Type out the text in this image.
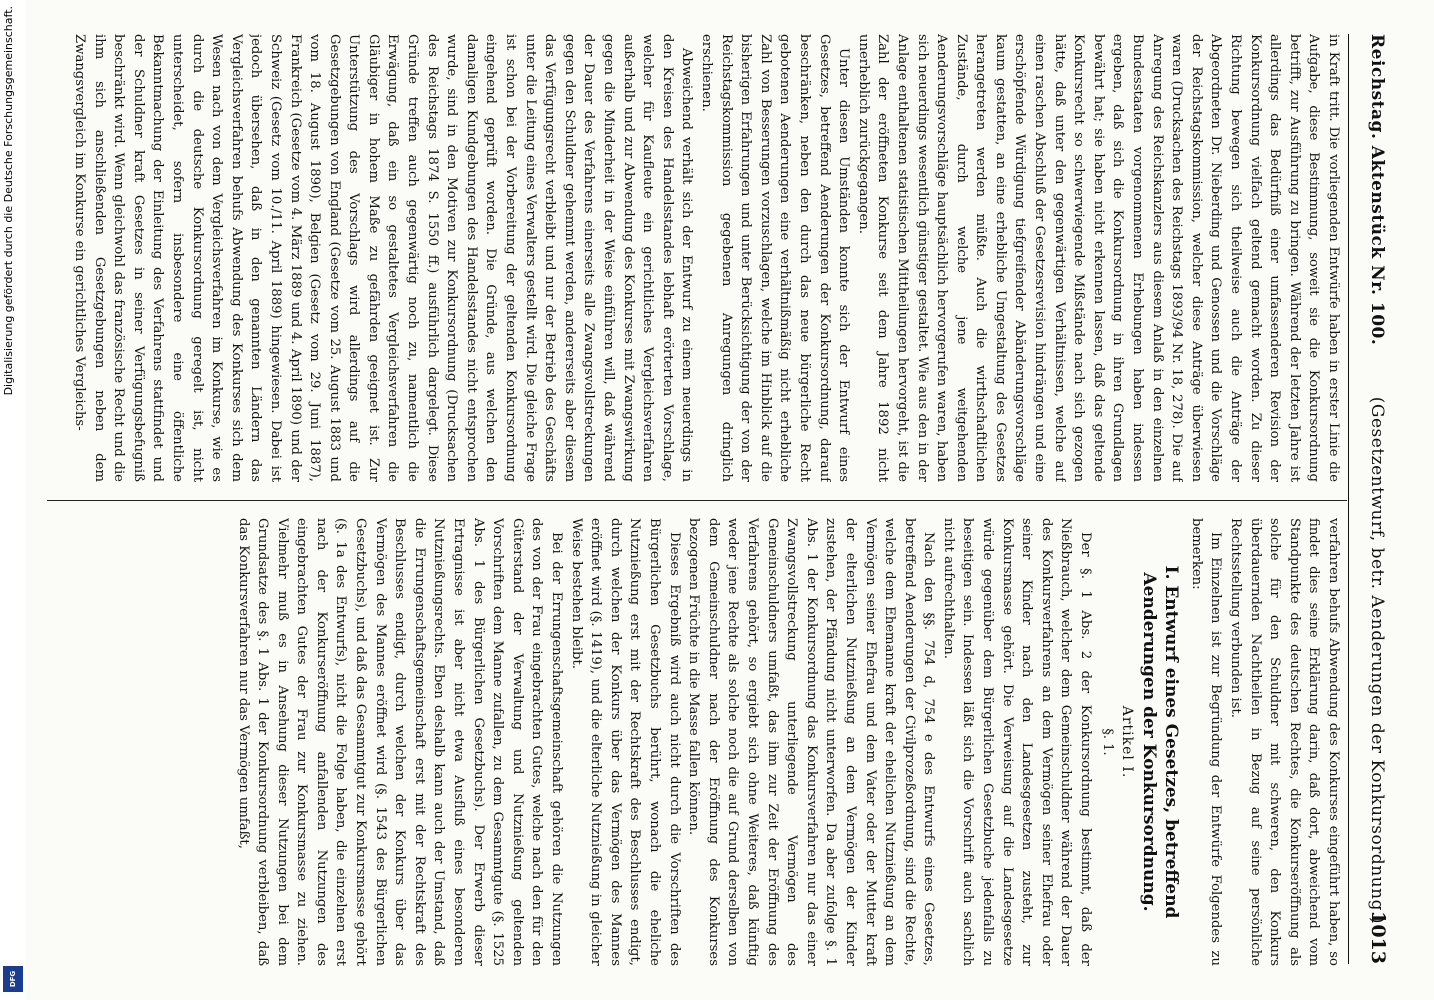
Digitalisierung gefördert durch die Deutsche Forschungsgemeinschaft.
DFG
Reichstag. Aktenstück Nr. 100.
(Gesetzentwurf, betr. Aenderungen der Konkursordnung.)
1013

in Kraft tritt. Die vorliegenden Entwürfe haben in erster Linie die Aufgabe, diese Bestimmung, soweit sie die Konkursordnung betrifft, zur Ausführung zu bringen. Während der letzten Jahre ist allerdings das Bedürfniß einer umfassenderen Revision der Konkursordnung vielfach geltend gemacht worden. Zu dieser Richtung bewegen sich theilweise auch die Anträge der Abgeordneten Dr. Nieberding und Genossen und die Vorschläge der Reichstagskommission, welcher diese Anträge überwiesen waren (Drucksachen des Reichstags 1893/94 Nr. 18, 278). Die auf Anregung des Reichskanzlers aus diesem Anlaß in den einzelnen Bundesstaaten vorgenommenen Erhebungen haben indessen ergeben, daß sich die Konkursordnung in ihren Grundlagen bewährt hat; sie haben nicht erkennen lassen, daß das geltende Konkursrecht so schwerwiegende Mißstände nach sich gezogen hätte, daß unter den gegenwärtigen Verhältnissen, welche auf einen raschen Abschluß der Gesetzesrevision hindrängen und eine erschöpfende Würdigung tiefgreifender Abänderungsvorschläge kaum gestatten, an eine erhebliche Umgestaltung des Gesetzes herangetreten werden müßte. Auch die wirthschaftlichen Zustände, durch welche jene weitgehenden Aenderungsvorschläge hauptsächlich hervorgerufen waren, haben sich neuerdings wesentlich günstiger gestaltet. Wie aus den in der Anlage enthaltenen statistischen Mittheilungen hervorgeht, ist die Zahl der eröffneten Konkurse seit dem Jahre 1892 nicht unerheblich zurückgegangen.

Unter diesen Umständen konnte sich der Entwurf eines Gesetzes, betreffend Aenderungen der Konkursordnung, darauf beschränken, neben den durch das neue bürgerliche Recht gebotenen Aenderungen eine verhältnißmäßig nicht erhebliche Zahl von Besserungen vorzuschlagen, welche im Hinblick auf die bisherigen Erfahrungen und unter Berücksichtigung der von der Reichstagskommission gegebenen Anregungen dringlich erschienen.

Abweichend verhält sich der Entwurf zu einem neuerdings in den Kreisen des Handelsstandes lebhaft erörterten Vorschlage, welcher für Kaufleute ein gerichtliches Vergleichsverfahren außerhalb und zur Abwendung des Konkurses mit Zwangswirkung gegen die Minderheit in der Weise einführen will, daß während der Dauer des Verfahrens einerseits alle Zwangsvollstreckungen gegen den Schuldner gehemmt werden, andererseits aber diesem das Verfügungsrecht verbleibt und nur der Betrieb des Geschäfts unter die Leitung eines Verwalters gestellt wird. Die gleiche Frage ist schon bei der Vorbereitung der geltenden Konkursordnung eingehend geprüft worden. Die Gründe, aus welchen den damaligen Kundgebungen des Handelsstandes nicht entsprochen wurde, sind in den Motiven zur Konkursordnung (Drucksachen des Reichstags 1874 S. 1550 ff.) ausführlich dargelegt. Diese Gründe treffen auch gegenwärtig noch zu, namentlich die Erwägung, daß ein so gestaltetes Vergleichsverfahren die Gläubiger in hohem Maße zu gefährden geeignet ist. Zur Unterstützung des Vorschlags wird allerdings auf die Gesetzgebungen von England (Gesetze vom 25. August 1883 und vom 18. August 1890), Belgien (Gesetz vom 29. Juni 1887), Frankreich (Gesetze vom 4. März 1889 und 4. April 1890) und der Schweiz (Gesetz vom 10./11. April 1889) hingewiesen. Dabei ist jedoch übersehen, daß in den genannten Ländern das Vergleichsverfahren behufs Abwendung des Konkurses sich dem Wesen nach von dem Vergleichsverfahren im Konkurse, wie es durch die deutsche Konkursordnung geregelt ist, nicht unterscheidet, sofern insbesondere eine öffentliche Bekanntmachung der Einleitung des Verfahrens stattfindet und der Schuldner kraft Gesetzes in seiner Verfügungsbefugniß beschränkt wird. Wenn gleichwohl das französische Recht und die ihm sich anschließenden Gesetzgebungen neben dem Zwangsvergleich im Konkurse ein gerichtliches Vergleichs-

verfahren behufs Abwendung des Konkurses eingeführt haben, so findet dies seine Erklärung darin, daß dort, abweichend vom Standpunkte des deutschen Rechtes, die Konkurseröffnung als solche für den Schuldner mit schweren, den Konkurs überdauernden Nachtheilen in Bezug auf seine persönliche Rechtsstellung verbunden ist.

Im Einzelnen ist zur Begründung der Entwürfe Folgendes zu bemerken:

I. Entwurf eines Gesetzes, betreffend Aenderungen der Konkursordnung.
Artikel I.
§. 1.

Der §. 1 Abs. 2 der Konkursordnung bestimmt, daß der Nießbrauch, welcher dem Gemeinschuldner während der Dauer des Konkursverfahrens an dem Vermögen seiner Ehefrau oder seiner Kinder nach den Landesgesetzen zusteht, zur Konkursmasse gehört. Die Verweisung auf die Landesgesetze würde gegenüber dem Bürgerlichen Gesetzbuche jedenfalls zu beseitigen sein. Indessen läßt sich die Vorschrift auch sachlich nicht aufrechthalten.

Nach den §§. 754 d, 754 e des Entwurfs eines Gesetzes, betreffend Aenderungen der Civilprozeßordnung, sind die Rechte, welche dem Ehemanne kraft der ehelichen Nutznießung an dem Vermögen seiner Ehefrau und dem Vater oder der Mutter kraft der elterlichen Nutznießung an dem Vermögen der Kinder zustehen, der Pfändung nicht unterworfen. Da aber zufolge §. 1 Abs. 1 der Konkursordnung das Konkursverfahren nur das einer Zwangsvollstreckung unterliegende Vermögen des Gemeinschuldners umfaßt, das ihm zur Zeit der Eröffnung des Verfahrens gehört, so ergiebt sich ohne Weiteres, daß künftig weder jene Rechte als solche noch die auf Grund derselben von dem Gemeinschuldner nach der Eröffnung des Konkurses bezogenen Früchte in die Masse fallen können.

Dieses Ergebniß wird auch nicht durch die Vorschriften des Bürgerlichen Gesetzbuchs berührt, wonach die eheliche Nutznießung erst mit der Rechtskraft des Beschlusses endigt, durch welchen der Konkurs über das Vermögen des Mannes eröffnet wird (§. 1419), und die elterliche Nutznießung in gleicher Weise bestehen bleibt.

Bei der Errungenschaftsgemeinschaft gehören die Nutzungen des von der Frau eingebrachten Gutes, welche nach den für den Güterstand der Verwaltung und Nutznießung geltenden Vorschriften dem Manne zufallen, zu dem Gesammtgute (§. 1525 Abs. 1 des Bürgerlichen Gesetzbuchs). Der Erwerb dieser Ertragnisse ist aber nicht etwa Ausfluß eines besonderen Nutznießungsrechts. Eben deshalb kann auch der Umstand, daß die Errungenschaftsgemeinschaft erst mit der Rechtskraft des Beschlusses endigt, durch welchen der Konkurs über das Vermögen des Mannes eröffnet wird (§. 1543 des Bürgerlichen Gesetzbuchs), und daß das Gesammtgut zur Konkursmasse gehört (§. 1a des Entwurfs), nicht die Folge haben, die einzelnen erst nach der Konkurseröffnung anfallenden Nutzungen des eingebrachten Gutes der Frau zur Konkursmasse zu ziehen. Vielmehr muß es in Ansehung dieser Nutzungen bei dem Grundsatze des §. 1 Abs. 1 der Konkursordnung verbleiben, daß das Konkursverfahren nur das Vermögen umfaßt,
